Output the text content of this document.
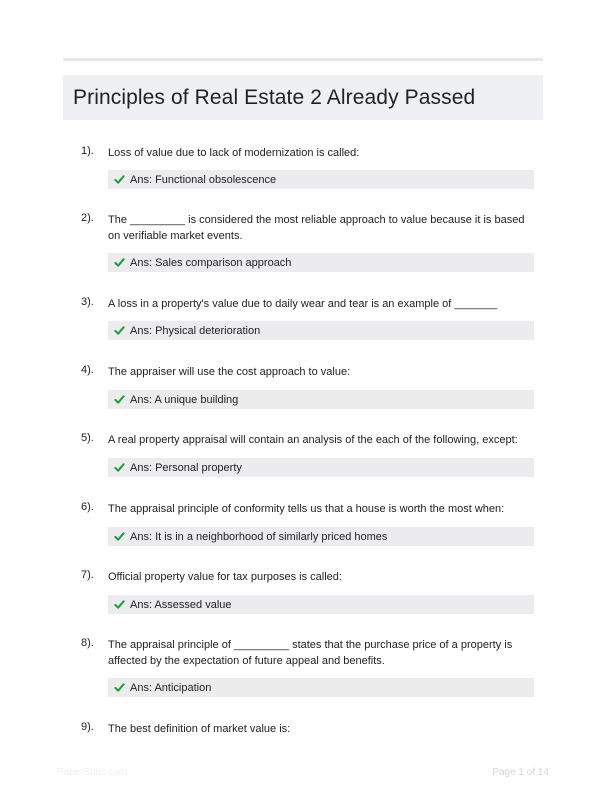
Principles of Real Estate 2 Already Passed
1). Loss of value due to lack of modernization is called:
Ans: Functional obsolescence
2). The _________ is considered the most reliable approach to value because it is based on verifiable market events.
Ans: Sales comparison approach
3). A loss in a property's value due to daily wear and tear is an example of _______
Ans: Physical deterioration
4). The appraiser will use the cost approach to value:
Ans: A unique building
5). A real property appraisal will contain an analysis of the each of the following, except:
Ans: Personal property
6). The appraisal principle of conformity tells us that a house is worth the most when:
Ans: It is in a neighborhood of similarly priced homes
7). Official property value for tax purposes is called:
Ans: Assessed value
8). The appraisal principle of _________ states that the purchase price of a property is affected by the expectation of future appeal and benefits.
Ans: Anticipation
9). The best definition of market value is:
PaperStitic.com	Page 1 of 14
